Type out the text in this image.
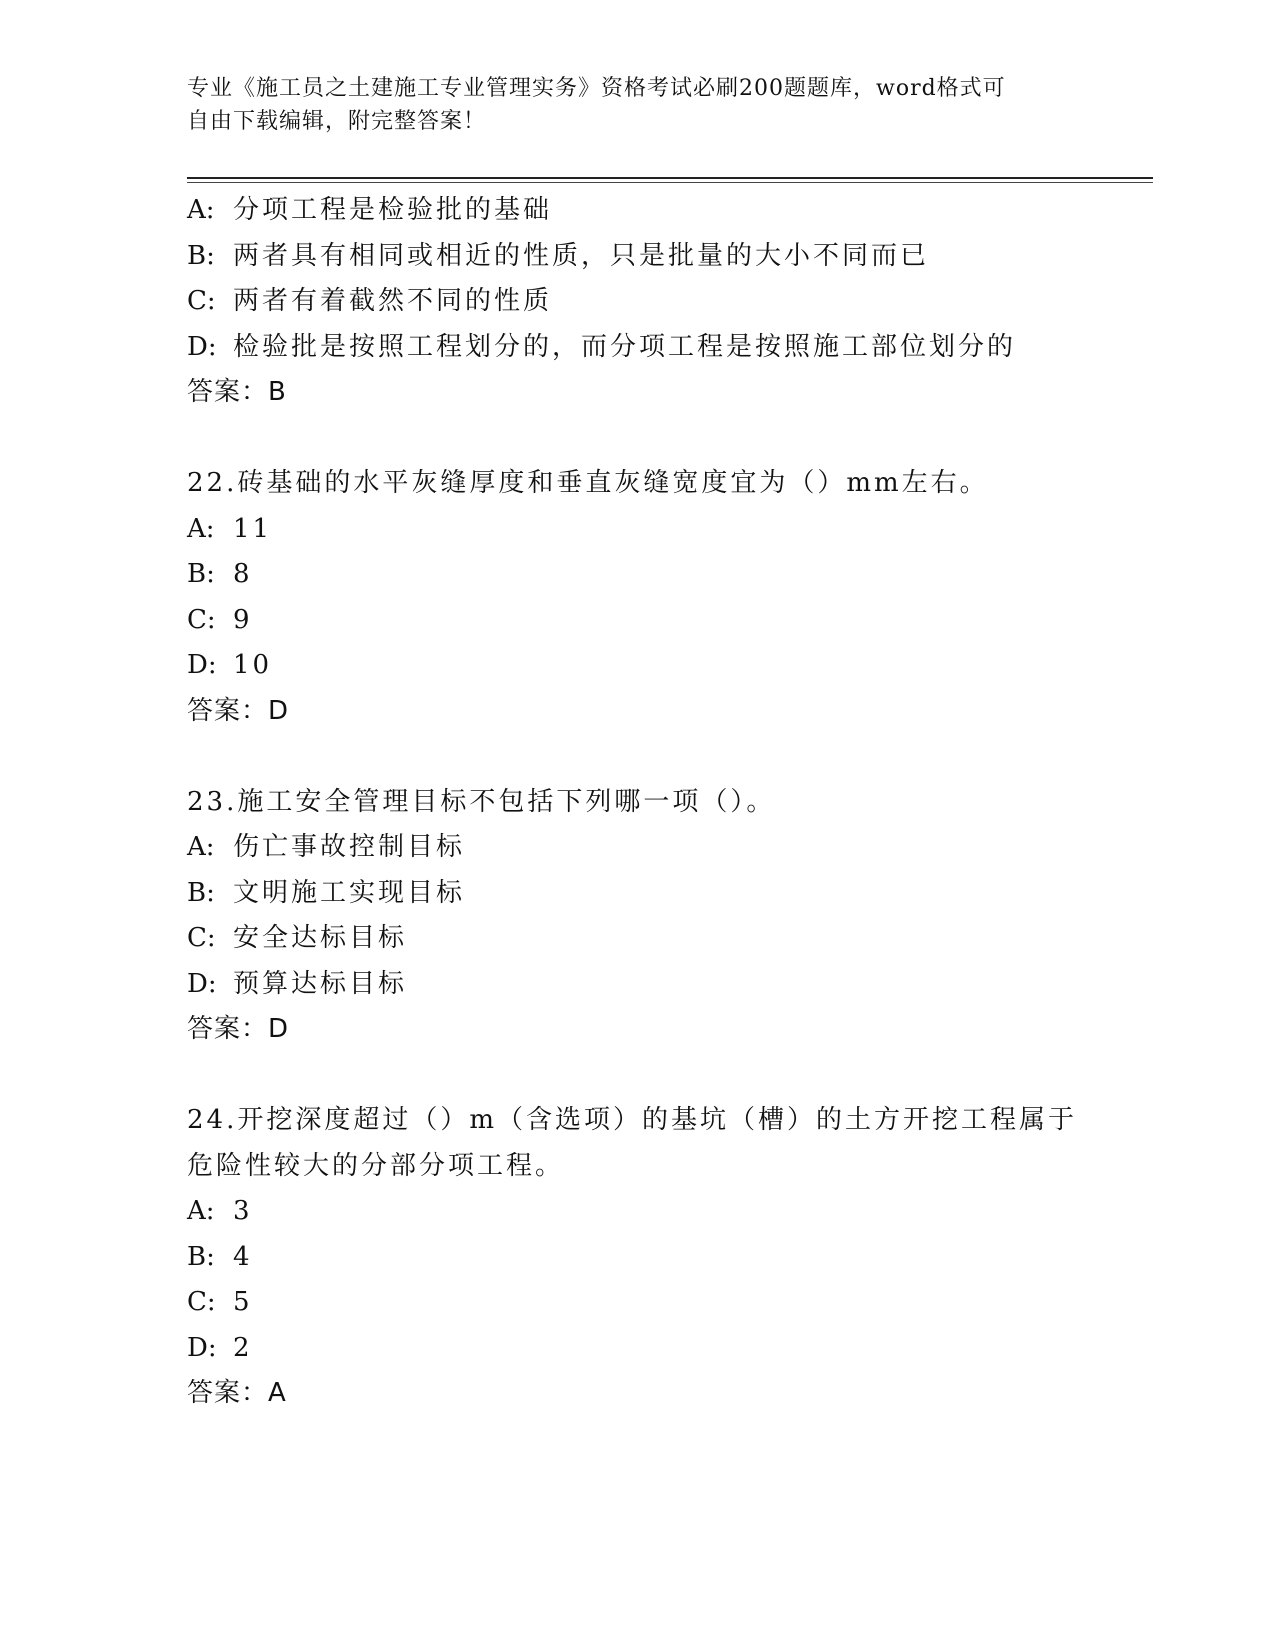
专业《施工员之土建施工专业管理实务》资格考试必刷200题题库，word格式可
自由下载编辑，附完整答案！
A: 分项工程是检验批的基础
B: 两者具有相同或相近的性质，只是批量的大小不同而已
C: 两者有着截然不同的性质
D: 检验批是按照工程划分的，而分项工程是按照施工部位划分的
答案：B
22.砖基础的水平灰缝厚度和垂直灰缝宽度宜为（）mm左右。
A: 11
B: 8
C: 9
D: 10
答案：D
23.施工安全管理目标不包括下列哪一项（）。
A: 伤亡事故控制目标
B: 文明施工实现目标
C: 安全达标目标
D: 预算达标目标
答案：D
24.开挖深度超过（）m（含选项）的基坑（槽）的土方开挖工程属于
危险性较大的分部分项工程。
A: 3
B: 4
C: 5
D: 2
答案：A
